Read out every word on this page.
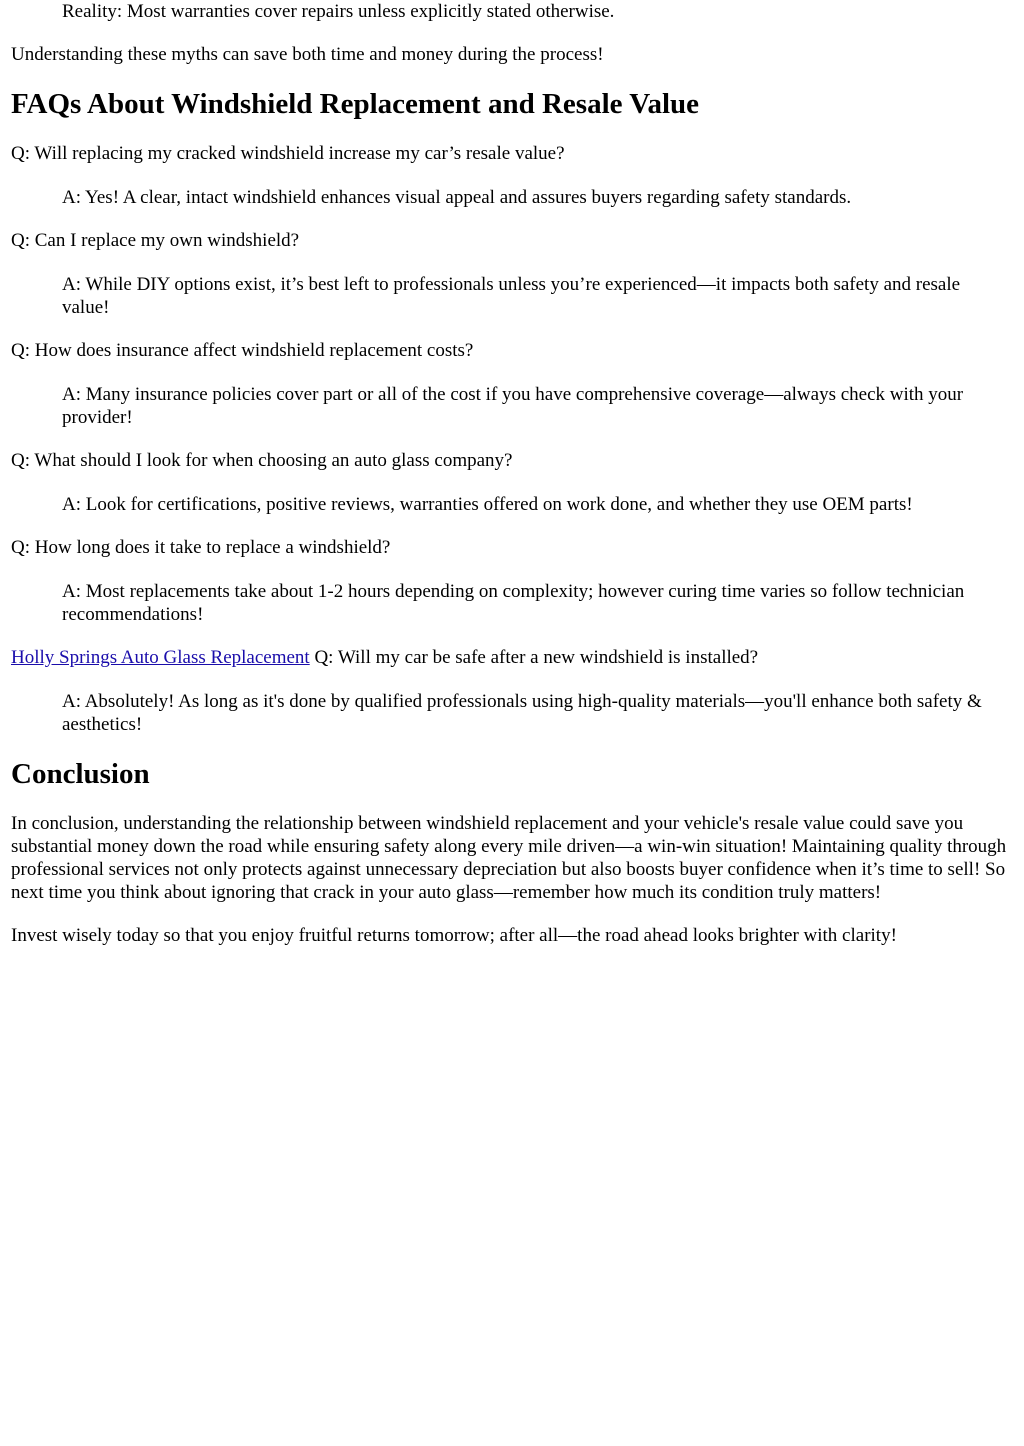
Reality: Most warranties cover repairs unless explicitly stated otherwise.

Understanding these myths can save both time and money during the process!

FAQs About Windshield Replacement and Resale Value

Q: Will replacing my cracked windshield increase my car’s resale value?

A: Yes! A clear, intact windshield enhances visual appeal and assures buyers regarding safety standards.

Q: Can I replace my own windshield?

A: While DIY options exist, it’s best left to professionals unless you’re experienced—it impacts both safety and resale value!

Q: How does insurance affect windshield replacement costs?

A: Many insurance policies cover part or all of the cost if you have comprehensive coverage—always check with your provider!

Q: What should I look for when choosing an auto glass company?

A: Look for certifications, positive reviews, warranties offered on work done, and whether they use OEM parts!

Q: How long does it take to replace a windshield?

A: Most replacements take about 1-2 hours depending on complexity; however curing time varies so follow technician recommendations!

Holly Springs Auto Glass Replacement Q: Will my car be safe after a new windshield is installed?

A: Absolutely! As long as it's done by qualified professionals using high-quality materials—you'll enhance both safety & aesthetics!

Conclusion

In conclusion, understanding the relationship between windshield replacement and your vehicle's resale value could save you substantial money down the road while ensuring safety along every mile driven—a win-win situation! Maintaining quality through professional services not only protects against unnecessary depreciation but also boosts buyer confidence when it’s time to sell! So next time you think about ignoring that crack in your auto glass—remember how much its condition truly matters!

Invest wisely today so that you enjoy fruitful returns tomorrow; after all—the road ahead looks brighter with clarity!
